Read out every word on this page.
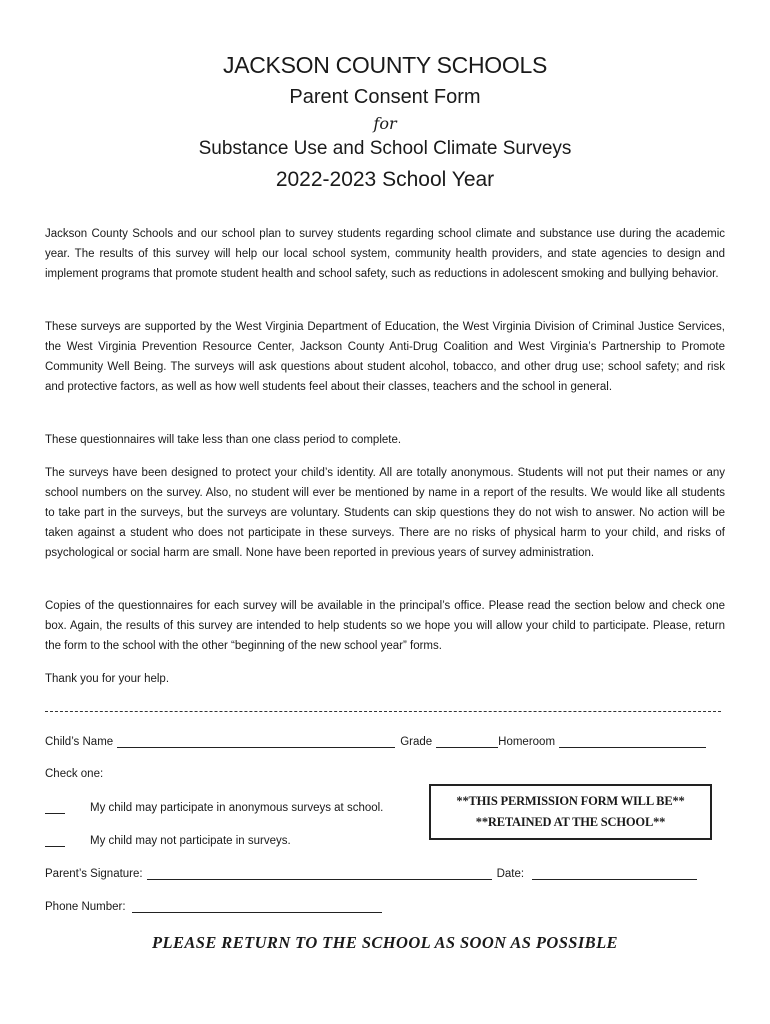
JACKSON COUNTY SCHOOLS
Parent Consent Form
for
Substance Use and School Climate Surveys
2022-2023 School Year

Jackson County Schools and our school plan to survey students regarding school climate and substance use during the academic year. The results of this survey will help our local school system, community health providers, and state agencies to design and implement programs that promote student health and school safety, such as reductions in adolescent smoking and bullying behavior.

These surveys are supported by the West Virginia Department of Education, the West Virginia Division of Criminal Justice Services, the West Virginia Prevention Resource Center, Jackson County Anti-Drug Coalition and West Virginia’s Partnership to Promote Community Well Being. The surveys will ask questions about student alcohol, tobacco, and other drug use; school safety; and risk and protective factors, as well as how well students feel about their classes, teachers and the school in general.

These questionnaires will take less than one class period to complete.

The surveys have been designed to protect your child’s identity. All are totally anonymous. Students will not put their names or any school numbers on the survey. Also, no student will ever be mentioned by name in a report of the results. We would like all students to take part in the surveys, but the surveys are voluntary. Students can skip questions they do not wish to answer. No action will be taken against a student who does not participate in these surveys. There are no risks of physical harm to your child, and risks of psychological or social harm are small. None have been reported in previous years of survey administration.

Copies of the questionnaires for each survey will be available in the principal’s office. Please read the section below and check one box. Again, the results of this survey are intended to help students so we hope you will allow your child to participate. Please, return the form to the school with the other “beginning of the new school year” forms.

Thank you for your help.

Child’s Name	Grade	Homeroom
Check one:
My child may participate in anonymous surveys at school.
My child may not participate in surveys.
**THIS PERMISSION FORM WILL BE**
**RETAINED AT THE SCHOOL**
Parent’s Signature:	Date:
Phone Number:
PLEASE RETURN TO THE SCHOOL AS SOON AS POSSIBLE
